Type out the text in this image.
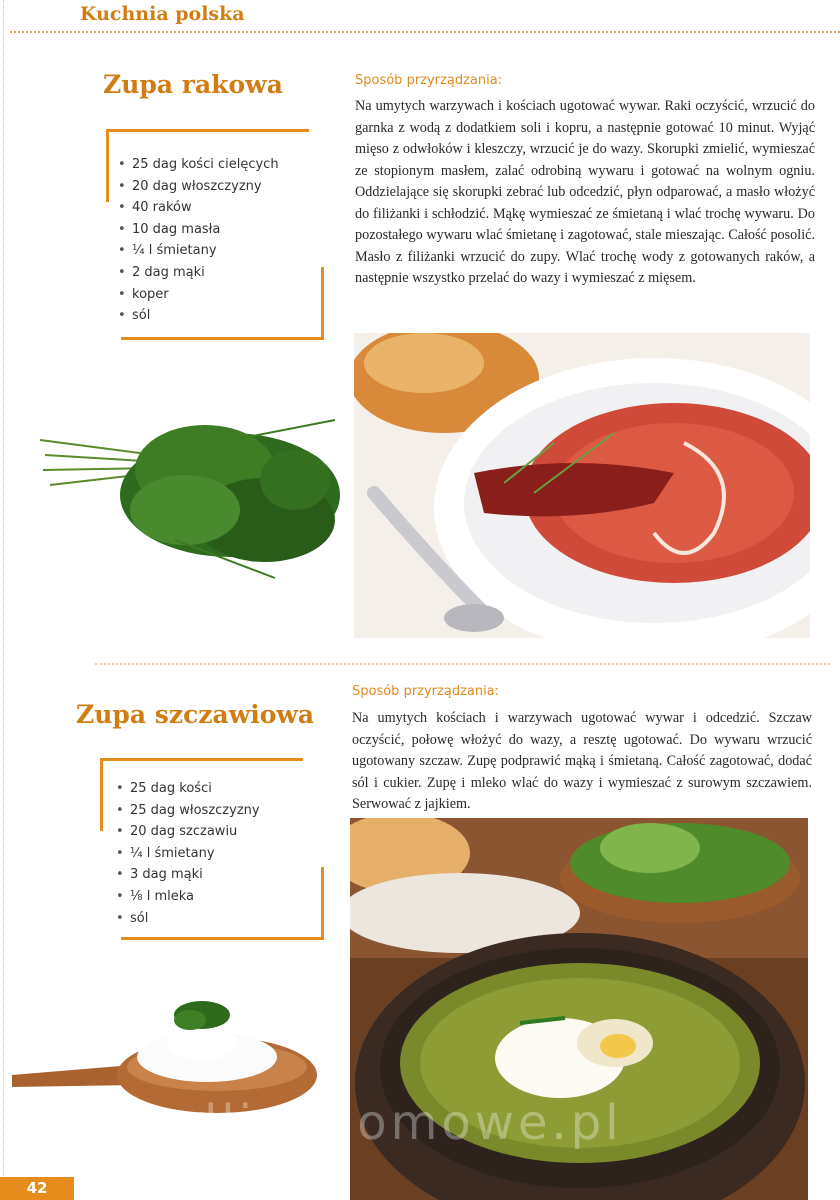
Kuchnia polska
Zupa rakowa
• 25 dag kości cielęcych
• 20 dag włoszczyzny
• 40 raków
• 10 dag masła
• ¼ l śmietany
• 2 dag mąki
• koper
• sól
Sposób przyrządzania:

Na umytych warzywach i kościach ugotować wywar. Raki oczyścić, wrzucić do garnka z wodą z dodatkiem soli i kopru, a następnie gotować 10 minut. Wyjąć mięso z odwłoków i kleszczy, wrzucić je do wazy. Skorupki zmielić, wymieszać ze stopionym masłem, zalać odrobiną wywaru i gotować na wolnym ogniu. Oddzielające się skorupki zebrać lub odcedzić, płyn odparować, a masło włożyć do filiżanki i schłodzić. Mąkę wymieszać ze śmietaną i wlać trochę wywaru. Do pozostałego wywaru wlać śmietanę i zagotować, stale mieszając. Całość posolić. Masło z filiżanki wrzucić do zupy. Wlać trochę wody z gotowanych raków, a następnie wszystko przelać do wazy i wymieszać z mięsem.

Zupa szczawiowa
• 25 dag kości
• 25 dag włoszczyzny
• 20 dag szczawiu
• ¼ l śmietany
• 3 dag mąki
• ⅛ l mleka
• sól
Sposób przyrządzania:

Na umytych kościach i warzywach ugotować wywar i odcedzić. Szczaw oczyścić, połowę włożyć do wazy, a resztę ugotować. Do wywaru wrzucić ugotowany szczaw. Zupę podprawić mąką i śmietaną. Całość zagotować, dodać sól i cukier. Zupę i mleko wlać do wazy i wymieszać z surowym szczawiem. Serwować z jajkiem.

wedlinydomowe.pl
42
